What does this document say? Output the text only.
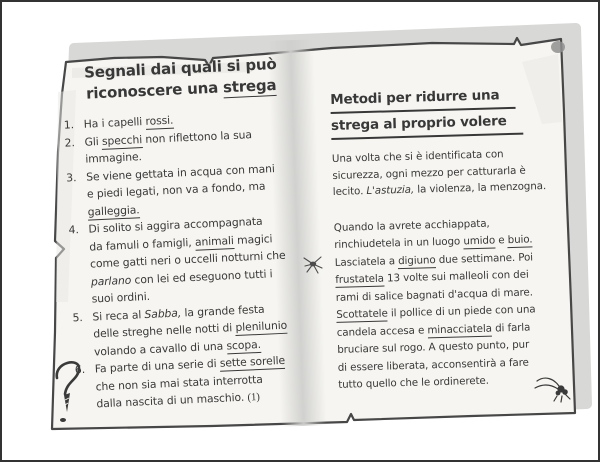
Segnali dai quali si può
riconoscere una strega
1. Ha i capelli rossi.
2. Gli specchi non riflettono la sua
immagine.
3. Se viene gettata in acqua con mani
e piedi legati, non va a fondo, ma
galleggia.
4. Di solito si aggira accompagnata
da famuli o famigli, animali magici
come gatti neri o uccelli notturni che
parlano con lei ed eseguono tutti i
suoi ordini.
5. Si reca al Sabba, la grande festa
delle streghe nelle notti di plenilunio
volando a cavallo di una scopa.
6. Fa parte di una serie di sette sorelle
che non sia mai stata interrotta
dalla nascita di un maschio. (1)
Metodi per ridurre una
strega al proprio volere
Una volta che si è identificata con
sicurezza, ogni mezzo per catturarla è
lecito. L'astuzia, la violenza, la menzogna.
Quando la avrete acchiappata,
rinchiudetela in un luogo umido e buio.
Lasciatela a digiuno due settimane. Poi
frustatela 13 volte sui malleoli con dei
rami di salice bagnati d'acqua di mare.
Scottatele il pollice di un piede con una
candela accesa e minacciatela di farla
bruciare sul rogo. A questo punto, pur
di essere liberata, acconsentirà a fare
tutto quello che le ordinerete.
